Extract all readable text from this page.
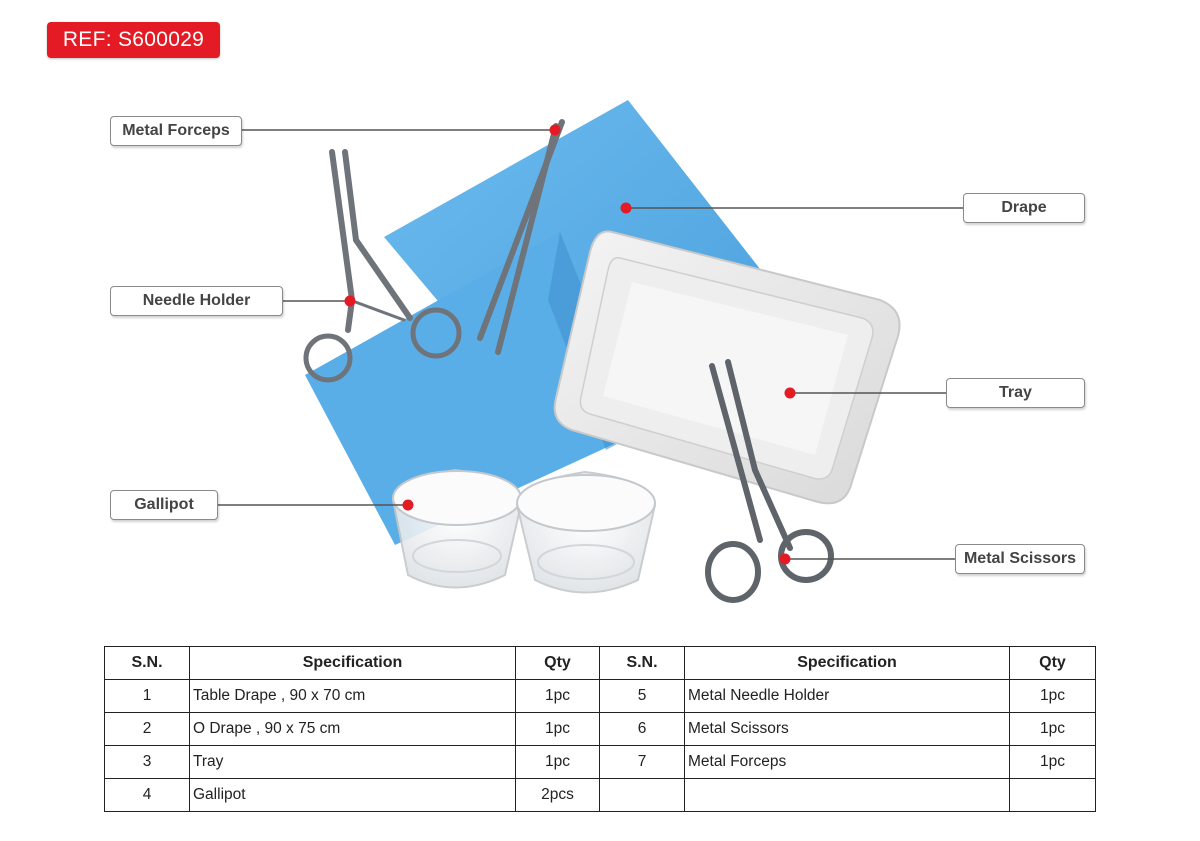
REF: S600029
Metal Forceps
Needle Holder
Gallipot
Drape
Tray
Metal Scissors
S.N.	Specification	Qty	S.N.	Specification	Qty
1	Table Drape , 90 x 70 cm	1pc	5	Metal Needle Holder	1pc
2	O Drape , 90 x 75 cm	1pc	6	Metal Scissors	1pc
3	Tray	1pc	7	Metal Forceps	1pc
4	Gallipot	2pcs			
